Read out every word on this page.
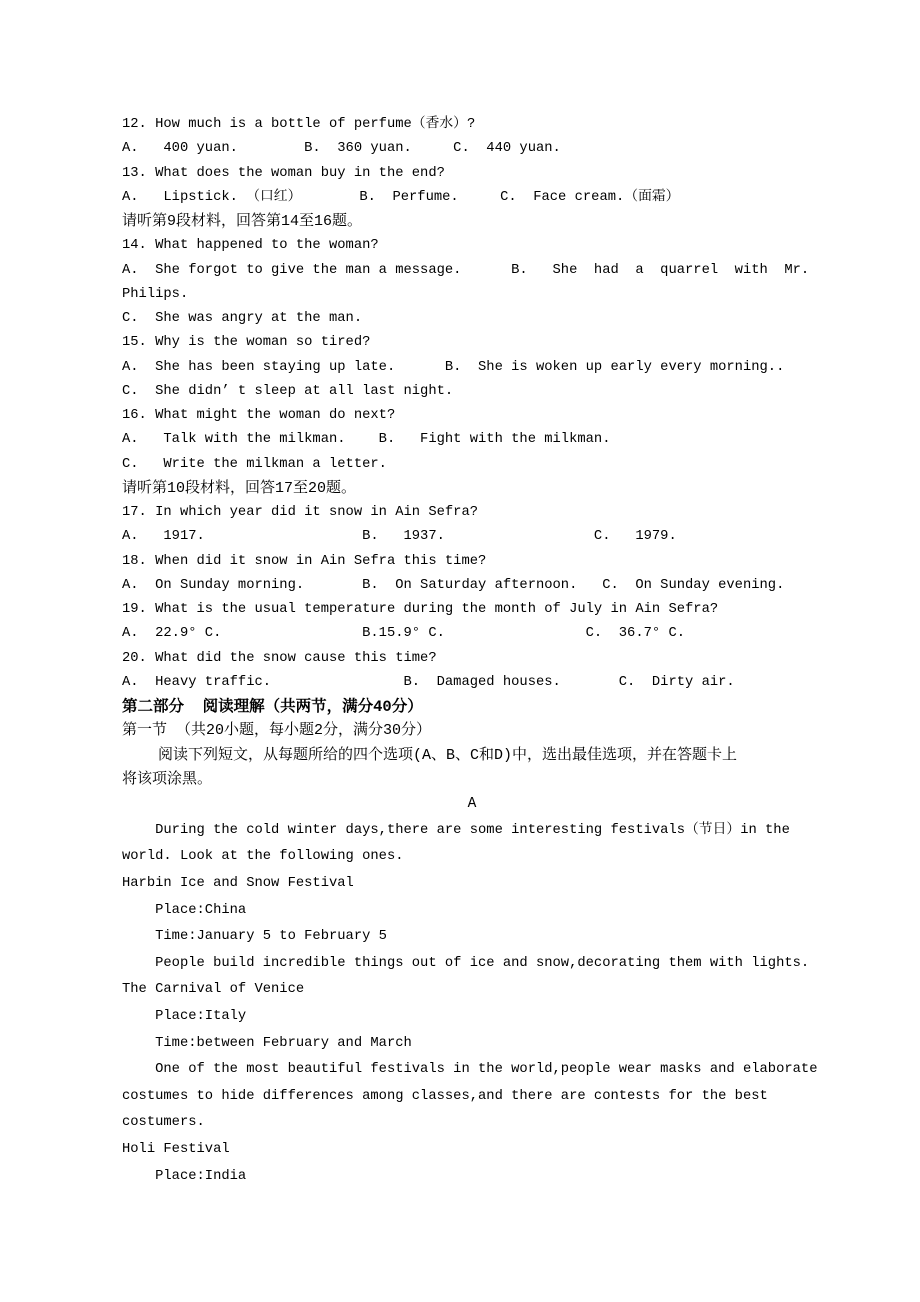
12. How much is a bottle of perfume（香水）?
A.   400 yuan.        B.  360 yuan.     C.  440 yuan.
13. What does the woman buy in the end?
A.   Lipstick. （口红）       B.  Perfume.     C.  Face cream.（面霜）
请听第9段材料，回答第14至16题。
14. What happened to the woman?
A.  She forgot to give the man a message.      B.   She  had  a  quarrel  with  Mr.
Philips.
C.  She was angry at the man.
15. Why is the woman so tired?
A.  She has been staying up late.      B.  She is woken up early every morning..
C.  She didn’ t sleep at all last night.
16. What might the woman do next?
A.   Talk with the milkman.    B.   Fight with the milkman.
C.   Write the milkman a letter.
请听第10段材料，回答17至20题。
17. In which year did it snow in Ain Sefra?
A.   1917.                   B.   1937.                  C.   1979.
18. When did it snow in Ain Sefra this time?
A.  On Sunday morning.       B.  On Saturday afternoon.   C.  On Sunday evening.
19. What is the usual temperature during the month of July in Ain Sefra?
A.  22.9° C.                 B.15.9° C.                 C.  36.7° C.
20. What did the snow cause this time?
A.  Heavy traffic.                B.  Damaged houses.       C.  Dirty air.
第二部分  阅读理解（共两节，满分40分）
第一节 （共20小题，每小题2分，满分30分）
阅读下列短文，从每题所给的四个选项(A、B、C和D)中，选出最佳选项，并在答题卡上
将该项涂黑。
A
During the cold winter days,there are some interesting festivals（节日）in the
world. Look at the following ones.
Harbin Ice and Snow Festival
Place:China
Time:January 5 to February 5
People build incredible things out of ice and snow,decorating them with lights.
The Carnival of Venice
Place:Italy
Time:between February and March
One of the most beautiful festivals in the world,people wear masks and elaborate
costumes to hide differences among classes,and there are contests for the best
costumers.
Holi Festival
Place:India
